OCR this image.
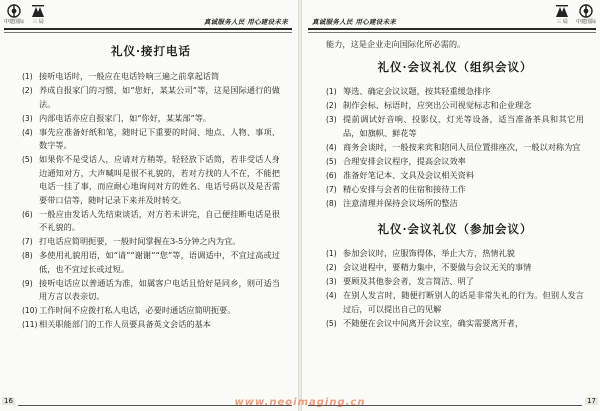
中建国际 三 局	真诚服务人民 用心建设未来
礼仪·接打电话
(1) 接听电话时，一般应在电话铃响三遍之前拿起话筒
(2) 养成自报家门的习惯，如“您好，某某公司”等，这是国际通行的做法。
(3) 内部电话亦应自报家门，如“你好，某某部”等。
(4) 事先应准备好纸和笔，随时记下重要的时间、地点、人物、事项、数字等。
(5) 如果你不是受话人，应请对方稍等，轻轻放下话筒，若非受话人身边通知对方，大声喊叫是很不礼貌的，若对方找的人不在，不能把电话一挂了事，而应耐心地询问对方的姓名、电话号码以及是否需要带口信等，随时记录下来并及时转交。
(6) 一般应由发话人先结束谈话，对方若未讲完，自己便挂断电话是很不礼貌的。
(7) 打电话应简明扼要，一般时间掌握在3-5分钟之内为宜。
(8) 多使用礼貌用语，如“请”“谢谢”“您”等，语调适中，不宜过高或过低，也不宜过长或过短。
(9) 接听电话应以普通话为准，如属客户电话且恰好是同乡，则可适当用方言以表亲切。
(10) 工作时间不应拨打私人电话，必要时通话应简明扼要。
(11) 相关职能部门的工作人员要具备英文会话的基本
16
真诚服务人民 用心建设未来	中建国际
三 局

能力，这是企业走向国际化所必需的。

礼仪·会议礼仪（组织会议）
(1) 筹选、确定会议议题，按其轻重缓急排序
(2) 制作会标、标语时，应突出公司视觉标志和企业理念
(3) 提前调试好音响、投影仪、灯光等设备，适当准备茶具和其它用品，如旗帜、鲜花等
(4) 商务会谈时，一般按来宾和陪同人员位置排座次，一般以对称为宜
(5) 合理安排会议程序，提高会议效率
(6) 准备好笔记本、文具及会议相关资料
(7) 精心安排与会者的住宿和接待工作
(8) 注意清理并保持会议场所的整洁
礼仪·会议礼仪（参加会议）
(1) 参加会议时，应服饰得体，举止大方，热情礼貌
(2) 会议进程中，要精力集中，不要做与会议无关的事情
(3) 要顾及其他参会者，发言简洁、明了
(4) 在别人发言时，随便打断别人的话是非常失礼的行为。但别人发言过后，可以提出自己的见解
(5) 不随便在会议中间离开会议室，确实需要离开者，
17
www.neoimaging.cn
